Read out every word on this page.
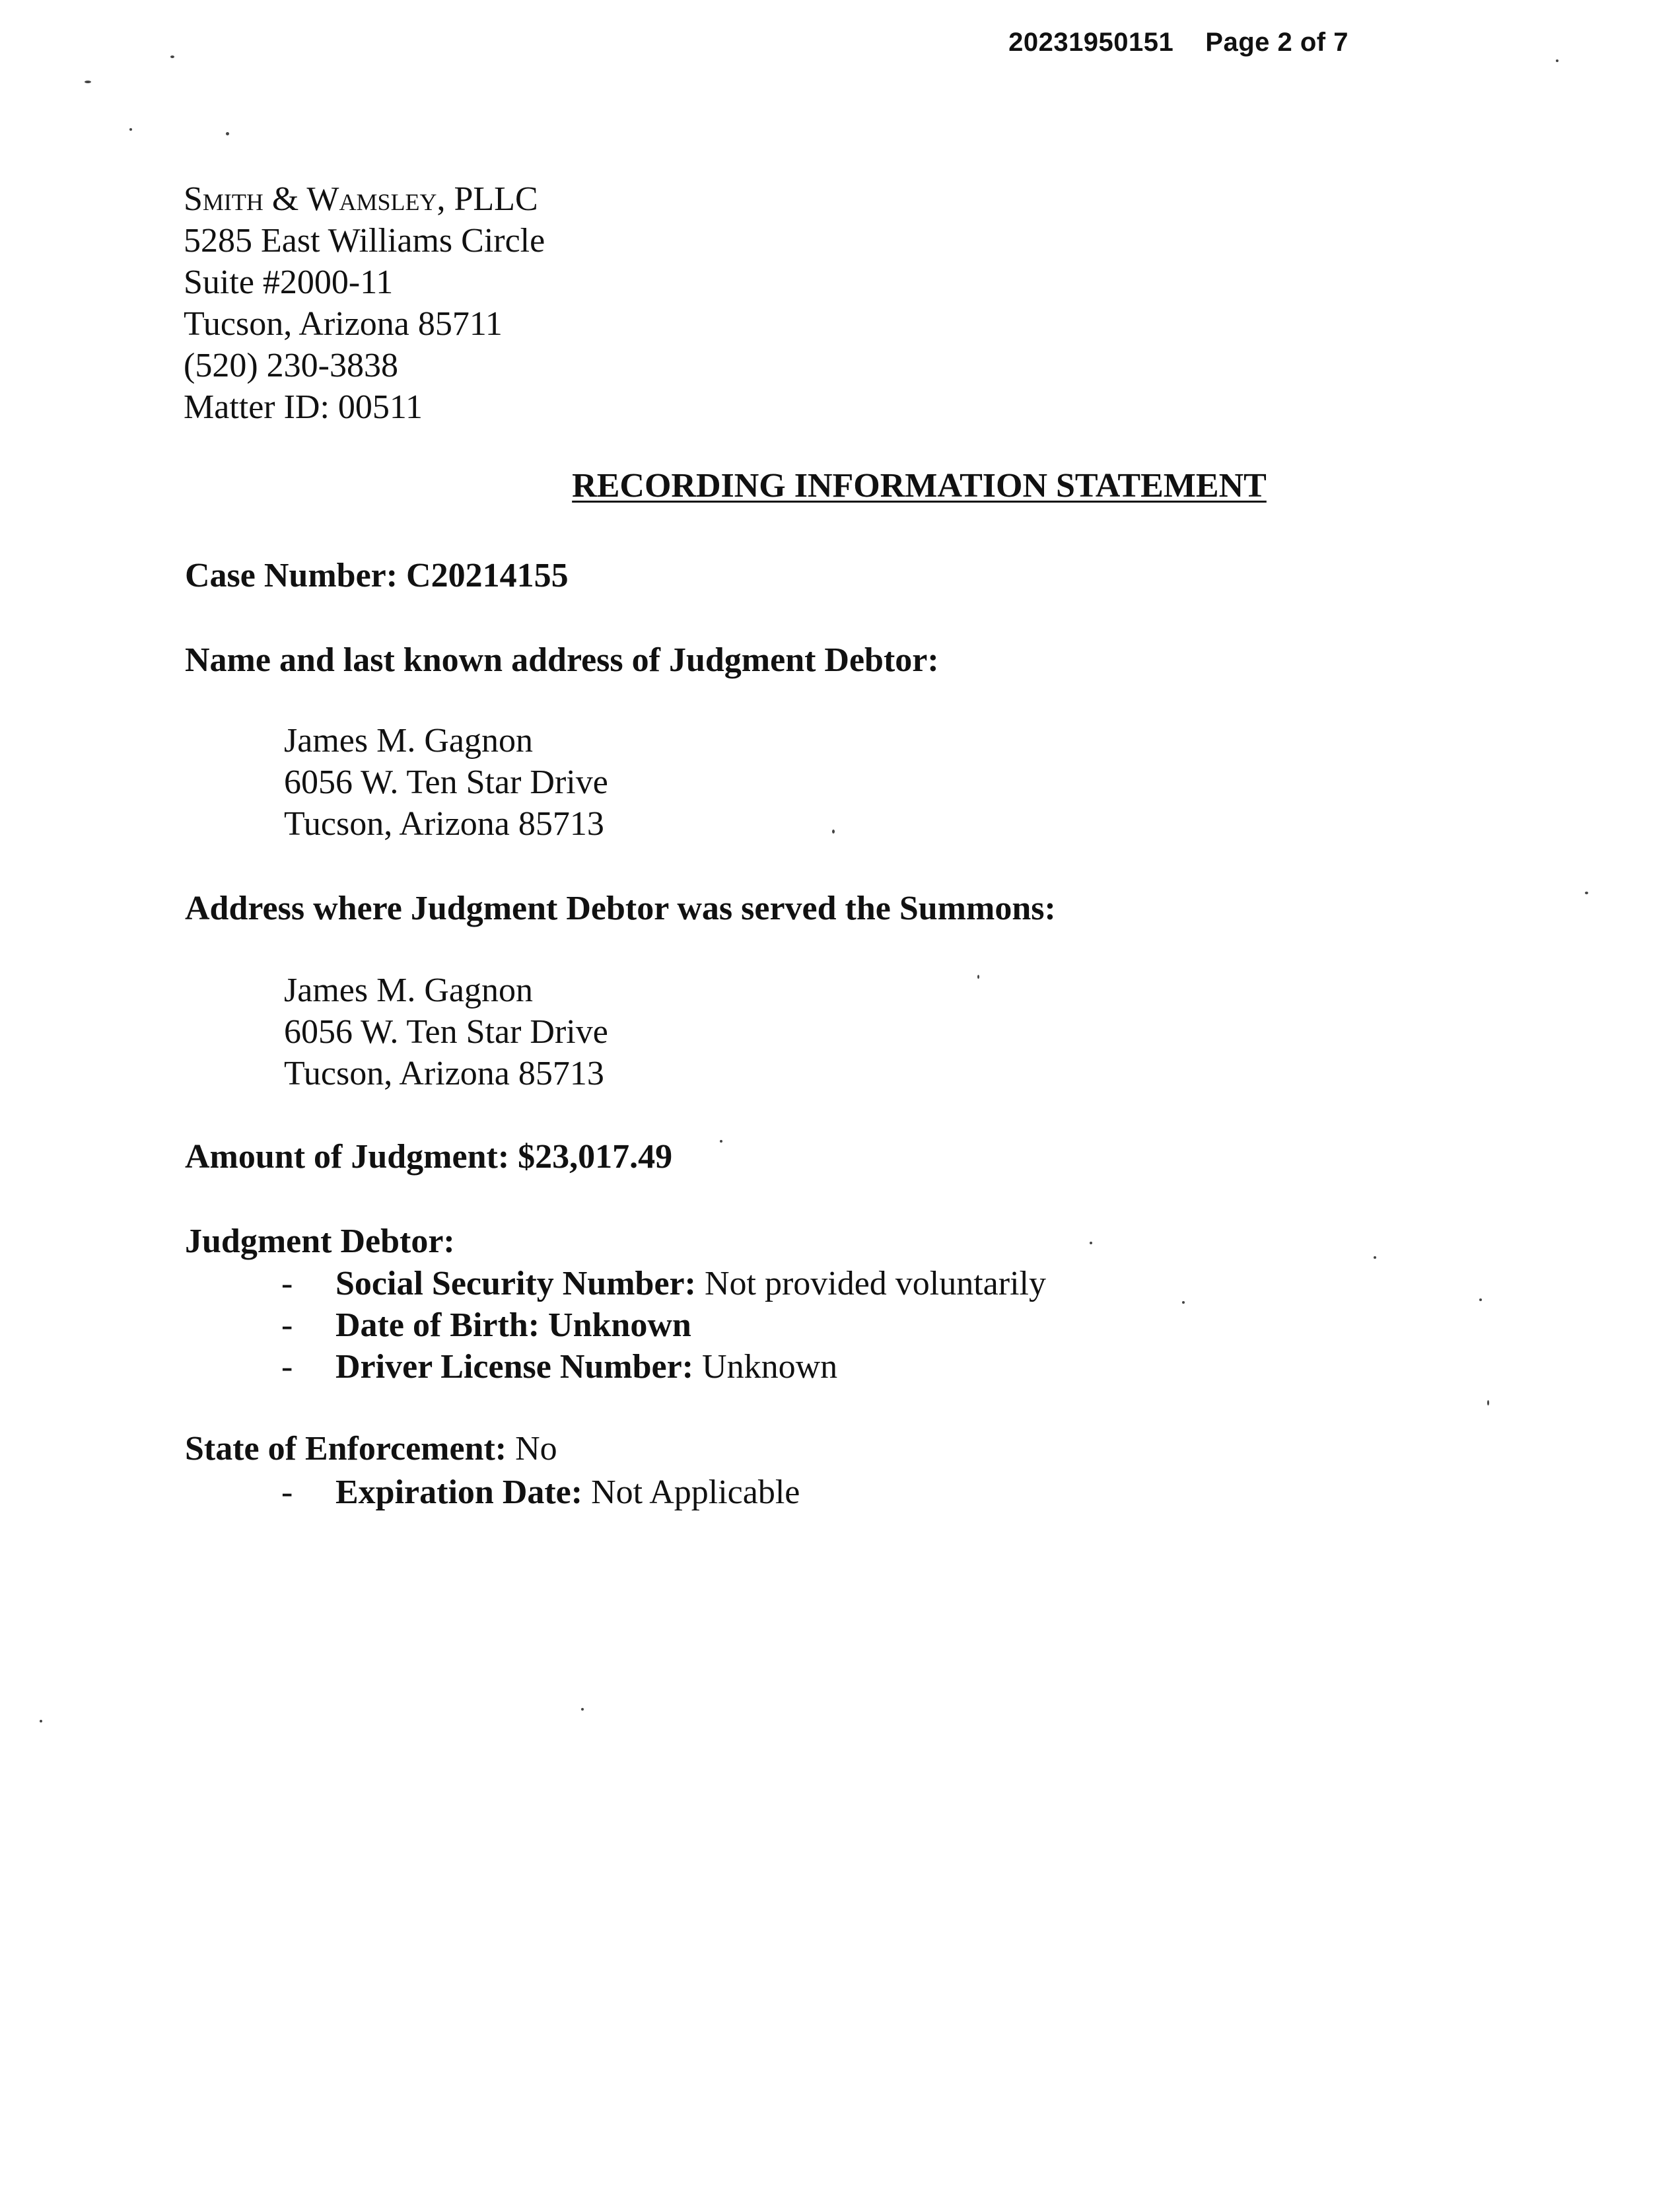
20231950151 Page 2 of 7
Smith & Wamsley, PLLC
5285 East Williams Circle
Suite #2000-11
Tucson, Arizona 85711
(520) 230-3838
Matter ID: 00511
RECORDING INFORMATION STATEMENT
Case Number: C20214155
Name and last known address of Judgment Debtor:
James M. Gagnon
6056 W. Ten Star Drive
Tucson, Arizona 85713
Address where Judgment Debtor was served the Summons:
James M. Gagnon
6056 W. Ten Star Drive
Tucson, Arizona 85713
Amount of Judgment: $23,017.49
Judgment Debtor:
- Social Security Number: Not provided voluntarily
- Date of Birth: Unknown
- Driver License Number: Unknown
State of Enforcement: No
- Expiration Date: Not Applicable
